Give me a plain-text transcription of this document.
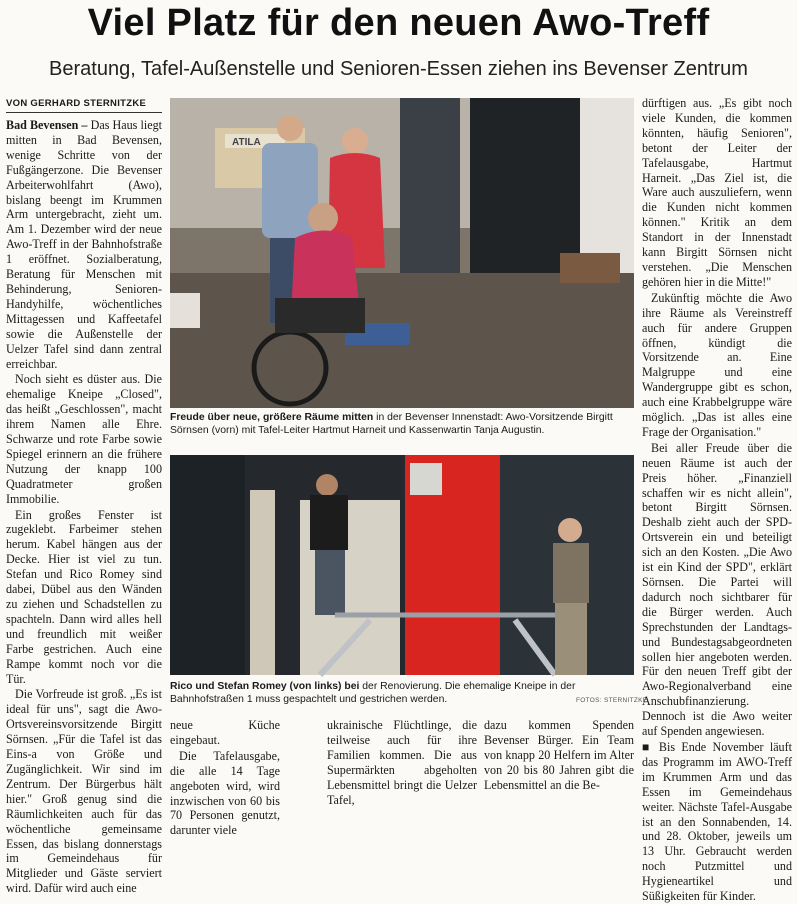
Viel Platz für den neuen Awo-Treff
Beratung, Tafel-Außenstelle und Senioren-Essen ziehen ins Bevenser Zentrum
VON GERHARD STERNITZKE

Bad Bevensen – Das Haus liegt mitten in Bad Bevensen, wenige Schritte von der Fußgängerzone. Die Bevenser Arbeiterwohlfahrt (Awo), bislang beengt im Krummen Arm untergebracht, zieht um. Am 1. Dezember wird der neue Awo-Treff in der Bahnhofstraße 1 eröffnet. Sozialberatung, Beratung für Menschen mit Behinderung, Senioren-Handyhilfe, wöchentliches Mittagessen und Kaffeetafel sowie die Außenstelle der Uelzer Tafel sind dann zentral erreichbar.

Noch sieht es düster aus. Die ehemalige Kneipe „Closed", das heißt „Geschlossen", macht ihrem Namen alle Ehre. Schwarze und rote Farbe sowie Spiegel erinnern an die frühere Nutzung der knapp 100 Quadratmeter großen Immobilie.

Ein großes Fenster ist zugeklebt. Farbeimer stehen herum. Kabel hängen aus der Decke. Hier ist viel zu tun. Stefan und Rico Romey sind dabei, Dübel aus den Wänden zu ziehen und Schadstellen zu spachteln. Dann wird alles hell und freundlich mit weißer Farbe gestrichen. Auch eine Rampe kommt noch vor die Tür.

Die Vorfreude ist groß. „Es ist ideal für uns", sagt die Awo-Ortsvereinsvorsitzende Birgitt Sörnsen. „Für die Tafel ist das Eins-a von Größe und Zugänglichkeit. Wir sind im Zentrum. Der Bürgerbus hält hier." Groß genug sind die Räumlichkeiten auch für das wöchentliche gemeinsame Essen, das bislang donnerstags im Gemeindehaus für Mitglieder und Gäste serviert wird. Dafür wird auch eine

ATILA
Freude über neue, größere Räume mitten in der Bevenser Innenstadt: Awo-Vorsitzende Birgitt Sörnsen (vorn) mit Tafel-Leiter Hartmut Harneit und Kassenwartin Tanja Augustin.
Rico und Stefan Romey (von links) bei der Renovierung. Die ehemalige Kneipe in der Bahnhofstraßen 1 muss gespachtelt und gestrichen werden.	FOTOS: STERNITZKE

neue Küche eingebaut.

Die Tafelausgabe, die alle 14 Tage angeboten wird, wird inzwischen von 60 bis 70 Personen genutzt, darunter viele

ukrainische Flüchtlinge, die teilweise auch für ihre Familien kommen. Die aus Supermärkten abgeholten Lebensmittel bringt die Uelzer Tafel,

dazu kommen Spenden Bevenser Bürger. Ein Team von knapp 20 Helfern im Alter von 20 bis 80 Jahren gibt die Lebensmittel an die Be-

dürftigen aus. „Es gibt noch viele Kunden, die kommen könnten, häufig Senioren", betont der Leiter der Tafelausgabe, Hartmut Harneit. „Das Ziel ist, die Ware auch auszuliefern, wenn die Kunden nicht kommen können." Kritik an dem Standort in der Innenstadt kann Birgitt Sörnsen nicht verstehen. „Die Menschen gehören hier in die Mitte!"

Zukünftig möchte die Awo ihre Räume als Vereinstreff auch für andere Gruppen öffnen, kündigt die Vorsitzende an. Eine Malgruppe und eine Wandergruppe gibt es schon, auch eine Krabbelgruppe wäre möglich. „Das ist alles eine Frage der Organisation."

Bei aller Freude über die neuen Räume ist auch der Preis höher. „Finanziell schaffen wir es nicht allein", betont Birgitt Sörnsen. Deshalb zieht auch der SPD-Ortsverein ein und beteiligt sich an den Kosten. „Die Awo ist ein Kind der SPD", erklärt Sörnsen. Die Partei will dadurch noch sichtbarer für die Bürger werden. Auch Sprechstunden der Landtags- und Bundestagsabgeordneten sollen hier angeboten werden. Für den neuen Treff gibt der Awo-Regionalverband eine Anschubfinanzierung. Dennoch ist die Awo weiter auf Spenden angewiesen.

■ Bis Ende November läuft das Programm im AWO-Treff im Krummen Arm und das Essen im Gemeindehaus weiter. Nächste Tafel-Ausgabe ist an den Sonnabenden, 14. und 28. Oktober, jeweils um 13 Uhr. Gebraucht werden noch Putzmittel und Hygieneartikel und Süßigkeiten für Kinder.
